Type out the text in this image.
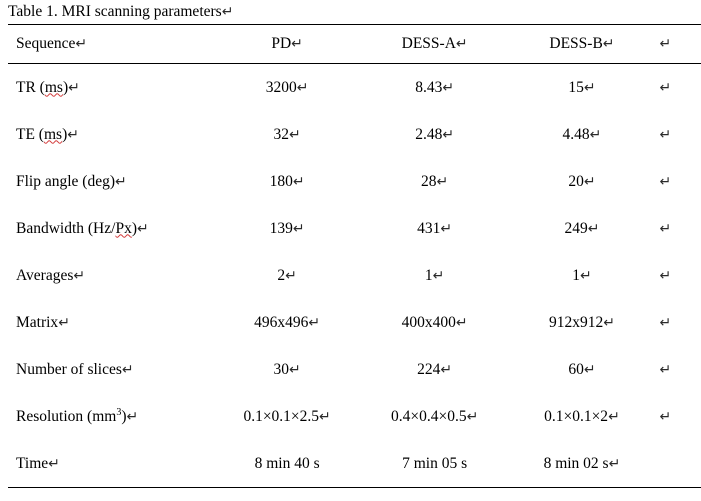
Table 1. MRI scanning parameters↵
Sequence↵	PD↵	DESS-A↵	DESS-B↵	↵
TR (ms)↵	3200↵	8.43↵	15↵	↵
TE (ms)↵	32↵	2.48↵	4.48↵	↵
Flip angle (deg)↵	180↵	28↵	20↵	↵
Bandwidth (Hz/Px)↵	139↵	431↵	249↵	↵
Averages↵	2↵	1↵	1↵	↵
Matrix↵	496x496↵	400x400↵	912x912↵	↵
Number of slices↵	30↵	224↵	60↵	↵
Resolution $(mm^3)↵$	0.1×0.1×2.5↵	0.4×0.4×0.5↵	0.1×0.1×2↵	↵
Time↵	8 min 40 s	7 min 05 s	8 min 02 s↵	
